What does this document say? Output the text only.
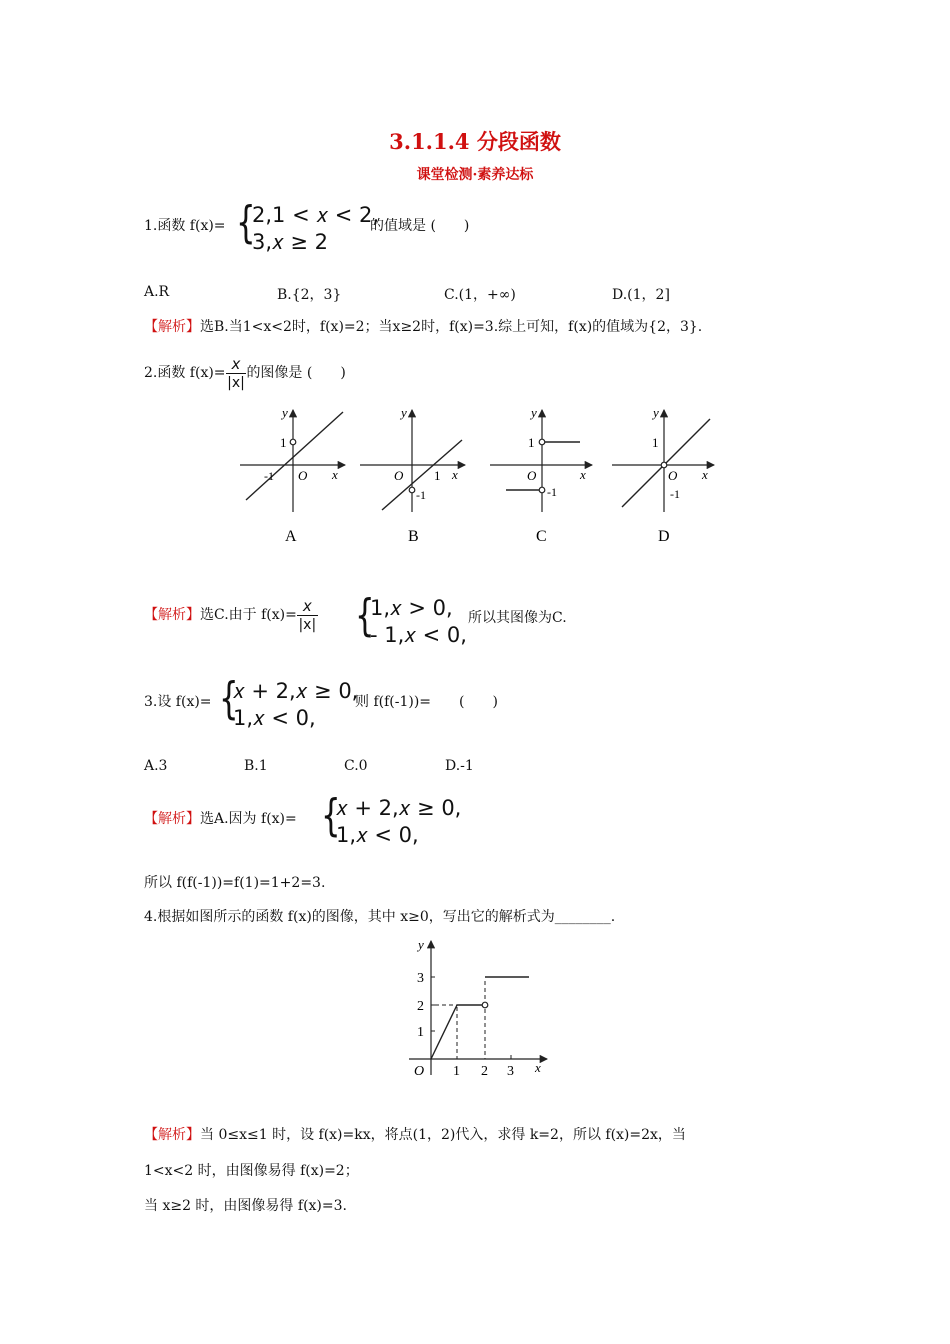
3.1.1.4 分段函数
课堂检测·素养达标
1.函数 f(x)= {
2,1 < 𝑥 < 2,
3,𝑥 ≥ 2
的值域是 (　　)
A.R	B.{2，3}	C.(1，+∞)	D.(1，2]
【解析】选B.当1<x<2时，f(x)=2；当x≥2时，f(x)=3.综上可知，f(x)的值域为{2，3}.
2.函数 $f(x)= \frac{x}{|x|}$ 的图像是 (　　)
1
-1 O x
y
A
O 1
-1
x
y
B
1
O
-1
x
y
C
1
O
-1
x
y
D
【解析】选C.由于 $f(x)= \frac{x}{|x|}$ {
1,𝑥 > 0,
- 1,𝑥 < 0,
所以其图像为C.
3.设 f(x)= {
𝑥 + 2,𝑥 ≥ 0,
1,𝑥 < 0,
则 f(f(-1))=　　(　　)
A.3	B.1	C.0	D.-1
【解析】选A.因为 f(x)= {
𝑥 + 2,𝑥 ≥ 0,
1,𝑥 < 0,
所以 f(f(-1))=f(1)=1+2=3.
4.根据如图所示的函数 f(x)的图像，其中 x≥0，写出它的解析式为________.
y
3
2
1
O 1 2 3 x
【解析】当 0≤x≤1 时，设 f(x)=kx，将点(1，2)代入，求得 k=2，所以 f(x)=2x，当
1<x<2 时，由图像易得 f(x)=2；
当 x≥2 时，由图像易得 f(x)=3.
